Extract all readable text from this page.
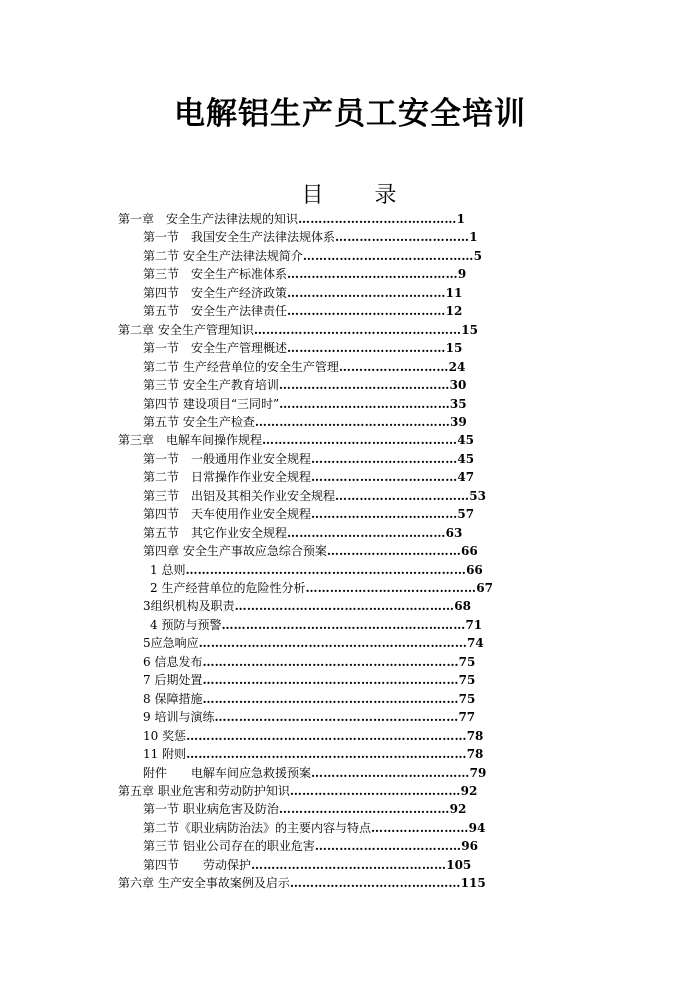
电解铝生产员工安全培训
目 录
第一章　安全生产法律法规的知识…………………………………1
第一节　我国安全生产法律法规体系……………………………1
第二节 安全生产法律法规简介……………………………………5
第三节　安全生产标准体系……………………………………9
第四节　安全生产经济政策…………………………………11
第五节　安全生产法律责任…………………………………12
第二章 安全生产管理知识……………………………………………15
第一节　安全生产管理概述…………………………………15
第二节 生产经营单位的安全生产管理………………………24
第三节 安全生产教育培训……………………………………30
第四节 建设项目“三同时”……………………………………35
第五节 安全生产检查…………………………………………39
第三章　电解车间操作规程…………………………………………45
第一节　一般通用作业安全规程………………………………45
第二节　日常操作作业安全规程………………………………47
第三节　出铝及其相关作业安全规程……………………………53
第四节　天车使用作业安全规程………………………………57
第五节　其它作业安全规程…………………………………63
第四章 安全生产事故应急综合预案……………………………66
1 总则……………………………………………………………66
2 生产经营单位的危险性分析……………………………………67
3组织机构及职责………………………………………………68
4 预防与预警……………………………………………………71
5应急响应…………………………………………………………74
6 信息发布………………………………………………………75
7 后期处置………………………………………………………75
8 保障措施………………………………………………………75
9 培训与演练……………………………………………………77
10 奖惩……………………………………………………………78
11 附则……………………………………………………………78
附件　　电解车间应急救援预案…………………………………79
第五章 职业危害和劳动防护知识……………………………………92
第一节 职业病危害及防治……………………………………92
第二节《职业病防治法》的主要内容与特点……………………94
第三节 铝业公司存在的职业危害………………………………96
第四节　　劳动保护…………………………………………105
第六章 生产安全事故案例及启示……………………………………115
